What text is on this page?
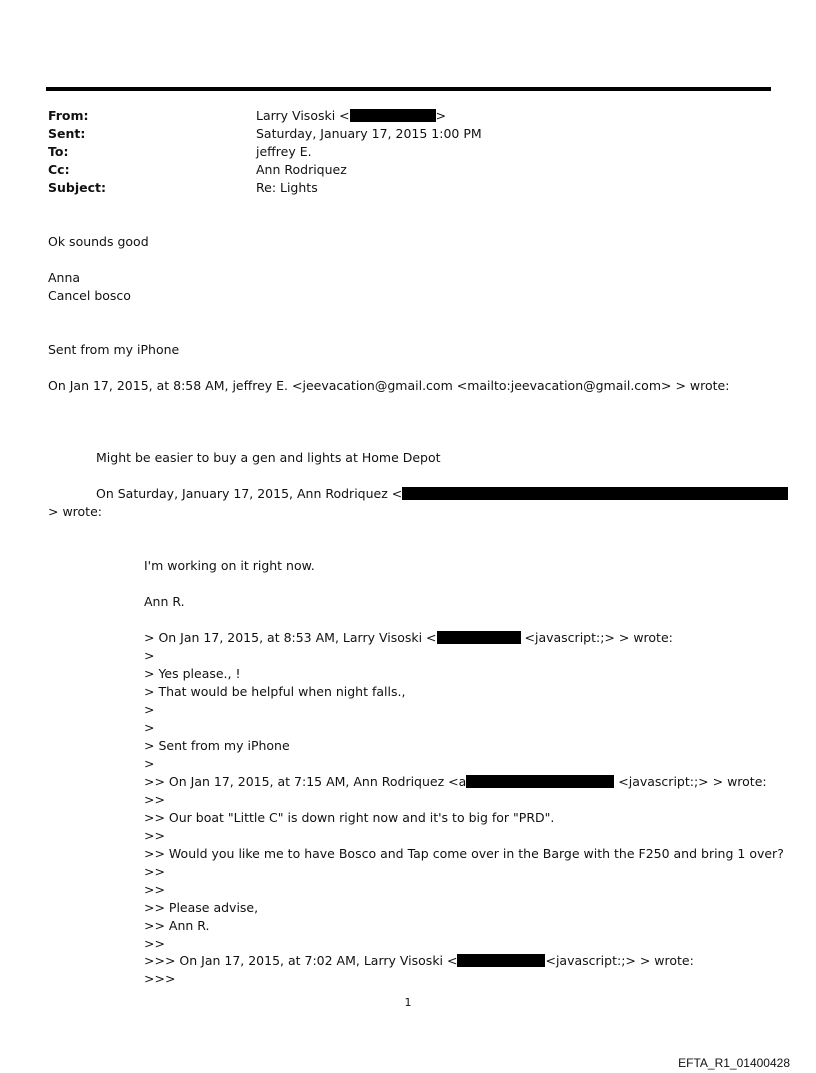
From:	Larry Visoski <	>
Sent:	Saturday, January 17, 2015 1:00 PM
To:	jeffrey E.
Cc:	Ann Rodriquez
Subject:	Re: Lights
Ok sounds good
Anna
Cancel bosco
Sent from my iPhone
On Jan 17, 2015, at 8:58 AM, jeffrey E. <jeevacation@gmail.com <mailto:jeevacation@gmail.com> > wrote:
Might be easier to buy a gen and lights at Home Depot
On Saturday, January 17, 2015, Ann Rodriquez <
> wrote:
I'm working on it right now.
Ann R.
> On Jan 17, 2015, at 8:53 AM, Larry Visoski <	<javascript:;> > wrote:
>
> Yes please., !
> That would be helpful when night falls.,
>
>
> Sent from my iPhone
>
>> On Jan 17, 2015, at 7:15 AM, Ann Rodriquez <a	<javascript:;> > wrote:
>>
>> Our boat "Little C" is down right now and it's to big for "PRD".
>>
>> Would you like me to have Bosco and Tap come over in the Barge with the F250 and bring 1 over?
>>
>>
>> Please advise,
>> Ann R.
>>
>>> On Jan 17, 2015, at 7:02 AM, Larry Visoski <	<javascript:;> > wrote:
>>>
1
EFTA_R1_01400428
